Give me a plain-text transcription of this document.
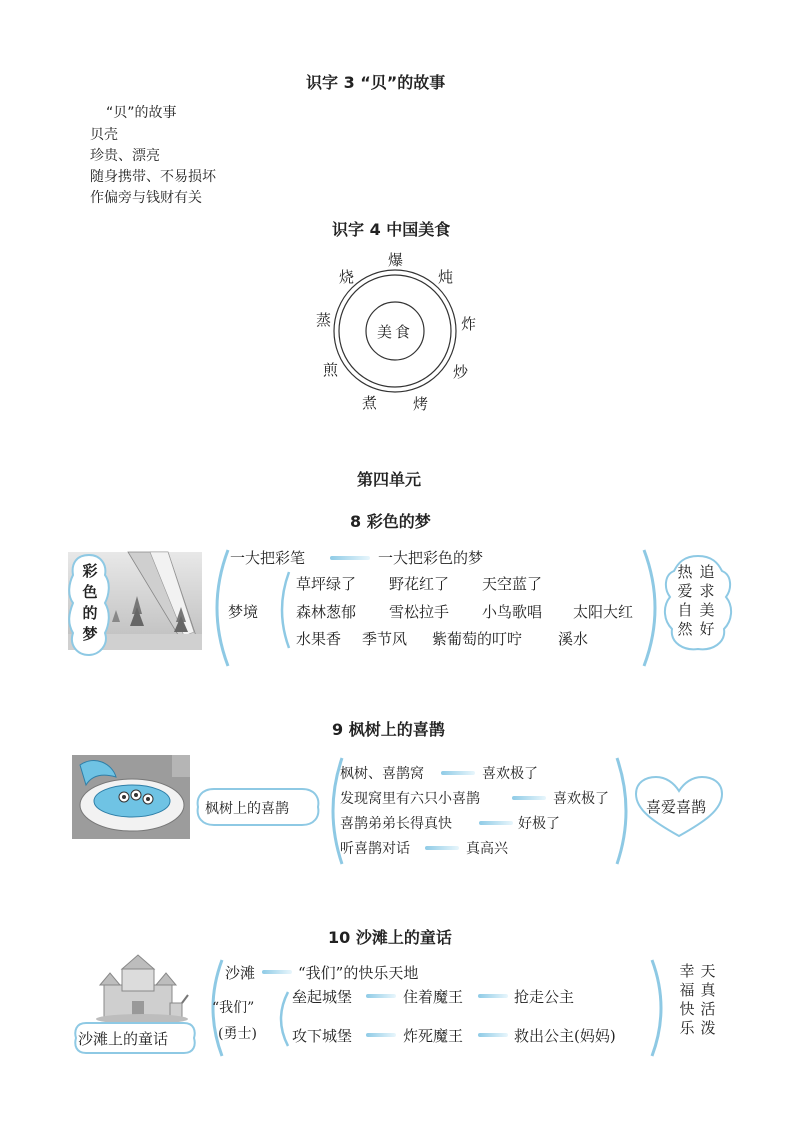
识字 3 “贝”的故事
“贝”的故事
贝壳
珍贵、漂亮
随身携带、不易损坏
作偏旁与钱财有关
识字 4 中国美食
美食
爆
炖
炸
炒
烤
煮
煎
蒸
烧
第四单元
8 彩色的梦
彩
色
的
梦
一大把彩笔	一大把彩色的梦
梦境
草坪绿了 野花红了 天空蓝了
森林葱郁 雪松拉手 小鸟歌唱 太阳大红
水果香 季节风 紫葡萄的叮咛 溪水
热
爱
自
然
追
求
美
好
9 枫树上的喜鹊
枫树上的喜鹊
枫树、喜鹊窝	喜欢极了
发现窝里有六只小喜鹊	喜欢极了
喜鹊弟弟长得真快	好极了
听喜鹊对话	真高兴
喜爱喜鹊
10 沙滩上的童话
沙滩上的童话
沙滩	“我们”的快乐天地
“我们”
(勇士)
垒起城堡	住着魔王	抢走公主
攻下城堡	炸死魔王	救出公主(妈妈)
幸
福
快
乐
天
真
活
泼
